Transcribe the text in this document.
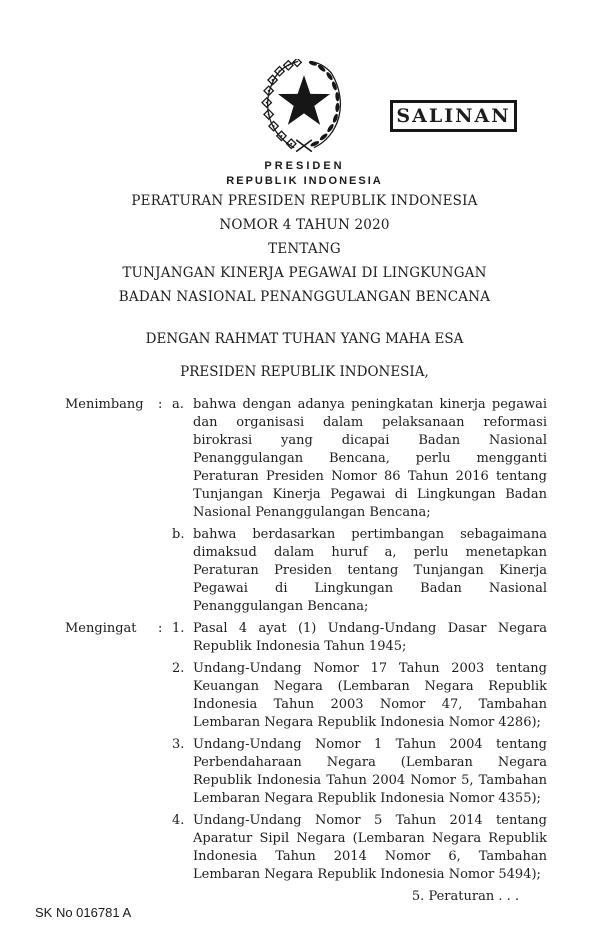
SALINAN
PRESIDEN
REPUBLIK INDONESIA
PERATURAN PRESIDEN REPUBLIK INDONESIA
NOMOR 4 TAHUN 2020
TENTANG
TUNJANGAN KINERJA PEGAWAI DI LINGKUNGAN
BADAN NASIONAL PENANGGULANGAN BENCANA
DENGAN RAHMAT TUHAN YANG MAHA ESA
PRESIDEN REPUBLIK INDONESIA,
Menimbang	: a. bahwa dengan adanya peningkatan kinerja pegawai dan organisasi dalam pelaksanaan reformasi birokrasi yang dicapai Badan Nasional Penanggulangan Bencana, perlu mengganti Peraturan Presiden Nomor 86 Tahun 2016 tentang Tunjangan Kinerja Pegawai di Lingkungan Badan Nasional Penanggulangan Bencana;
b. bahwa berdasarkan pertimbangan sebagaimana dimaksud dalam huruf a, perlu menetapkan Peraturan Presiden tentang Tunjangan Kinerja Pegawai di Lingkungan Badan Nasional Penanggulangan Bencana;
Mengingat	: 1. Pasal 4 ayat (1) Undang-Undang Dasar Negara Republik Indonesia Tahun 1945;
2. Undang-Undang Nomor 17 Tahun 2003 tentang Keuangan Negara (Lembaran Negara Republik Indonesia Tahun 2003 Nomor 47, Tambahan Lembaran Negara Republik Indonesia Nomor 4286);
3. Undang-Undang Nomor 1 Tahun 2004 tentang Perbendaharaan Negara (Lembaran Negara Republik Indonesia Tahun 2004 Nomor 5, Tambahan Lembaran Negara Republik Indonesia Nomor 4355);
4. Undang-Undang Nomor 5 Tahun 2014 tentang Aparatur Sipil Negara (Lembaran Negara Republik Indonesia Tahun 2014 Nomor 6, Tambahan Lembaran Negara Republik Indonesia Nomor 5494);
5. Peraturan . . .
SK No 016781 A
